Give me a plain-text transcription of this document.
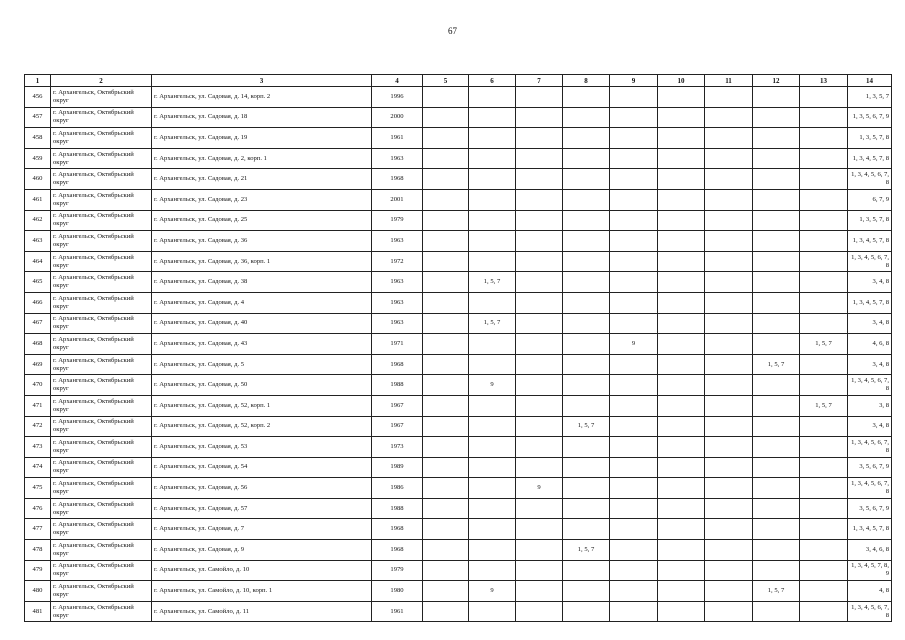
67
1	2	3	4	5	6	7	8	9	10	11	12	13	14
456	г. Архангельск, Октябрьский округ	г. Архангельск, ул. Садовая, д. 14, корп. 2	1996										1, 3, 5, 7
457	г. Архангельск, Октябрьский округ	г. Архангельск, ул. Садовая, д. 18	2000										1, 3, 5, 6, 7, 9
458	г. Архангельск, Октябрьский округ	г. Архангельск, ул. Садовая, д. 19	1961										1, 3, 5, 7, 8
459	г. Архангельск, Октябрьский округ	г. Архангельск, ул. Садовая, д. 2, корп. 1	1963										1, 3, 4, 5, 7, 8
460	г. Архангельск, Октябрьский округ	г. Архангельск, ул. Садовая, д. 21	1968										1, 3, 4, 5, 6, 7, 8
461	г. Архангельск, Октябрьский округ	г. Архангельск, ул. Садовая, д. 23	2001										6, 7, 9
462	г. Архангельск, Октябрьский округ	г. Архангельск, ул. Садовая, д. 25	1979										1, 3, 5, 7, 8
463	г. Архангельск, Октябрьский округ	г. Архангельск, ул. Садовая, д. 36	1963										1, 3, 4, 5, 7, 8
464	г. Архангельск, Октябрьский округ	г. Архангельск, ул. Садовая, д. 36, корп. 1	1972										1, 3, 4, 5, 6, 7, 8
465	г. Архангельск, Октябрьский округ	г. Архангельск, ул. Садовая, д. 38	1963		1, 5, 7								3, 4, 8
466	г. Архангельск, Октябрьский округ	г. Архангельск, ул. Садовая, д. 4	1963										1, 3, 4, 5, 7, 8
467	г. Архангельск, Октябрьский округ	г. Архангельск, ул. Садовая, д. 40	1963		1, 5, 7								3, 4, 8
468	г. Архангельск, Октябрьский округ	г. Архангельск, ул. Садовая, д. 43	1971					9				1, 5, 7	4, 6, 8
469	г. Архангельск, Октябрьский округ	г. Архангельск, ул. Садовая, д. 5	1968								1, 5, 7		3, 4, 8
470	г. Архангельск, Октябрьский округ	г. Архангельск, ул. Садовая, д. 50	1988		9								1, 3, 4, 5, 6, 7, 8
471	г. Архангельск, Октябрьский округ	г. Архангельск, ул. Садовая, д. 52, корп. 1	1967									1, 5, 7	3, 8
472	г. Архангельск, Октябрьский округ	г. Архангельск, ул. Садовая, д. 52, корп. 2	1967				1, 5, 7						3, 4, 8
473	г. Архангельск, Октябрьский округ	г. Архангельск, ул. Садовая, д. 53	1973										1, 3, 4, 5, 6, 7, 8
474	г. Архангельск, Октябрьский округ	г. Архангельск, ул. Садовая, д. 54	1989										3, 5, 6, 7, 9
475	г. Архангельск, Октябрьский округ	г. Архангельск, ул. Садовая, д. 56	1986			9							1, 3, 4, 5, 6, 7, 8
476	г. Архангельск, Октябрьский округ	г. Архангельск, ул. Садовая, д. 57	1988										3, 5, 6, 7, 9
477	г. Архангельск, Октябрьский округ	г. Архангельск, ул. Садовая, д. 7	1968										1, 3, 4, 5, 7, 8
478	г. Архангельск, Октябрьский округ	г. Архангельск, ул. Садовая, д. 9	1968				1, 5, 7						3, 4, 6, 8
479	г. Архангельск, Октябрьский округ	г. Архангельск, ул. Самойло, д. 10	1979										1, 3, 4, 5, 7, 8, 9
480	г. Архангельск, Октябрьский округ	г. Архангельск, ул. Самойло, д. 10, корп. 1	1980		9						1, 5, 7		4, 8
481	г. Архангельск, Октябрьский округ	г. Архангельск, ул. Самойло, д. 11	1961										1, 3, 4, 5, 6, 7, 8
